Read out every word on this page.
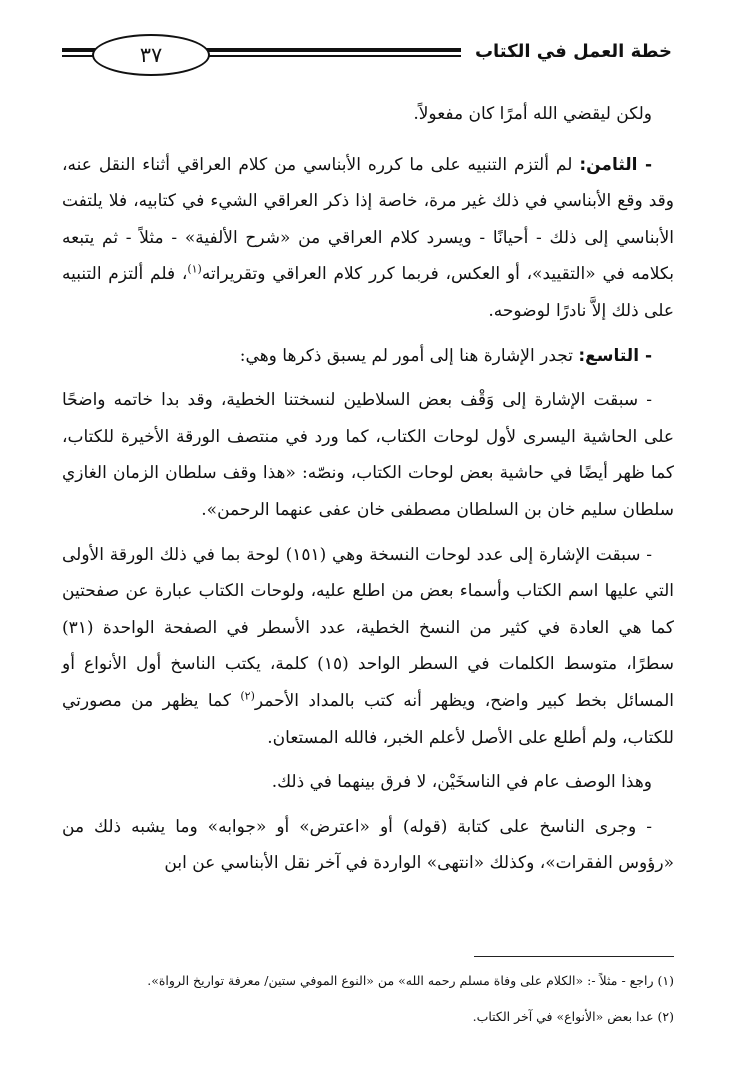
٣٧	خطة العمل في الكتاب

ولكن ليقضي الله أمرًا كان مفعولاً.

- الثامن: لم ألتزم التنبيه على ما كرره الأبناسي من كلام العراقي أثناء النقل عنه، وقد وقع الأبناسي في ذلك غير مرة، خاصة إذا ذكر العراقي الشيء في كتابيه، فلا يلتفت الأبناسي إلى ذلك - أحيانًا - ويسرد كلام العراقي من «شرح الألفية» - مثلاً - ثم يتبعه بكلامه في «التقييد»، أو العكس، فربما كرر كلام العراقي وتقريراته$^{(١)}$، فلم ألتزم التنبيه على ذلك إلاَّ نادرًا لوضوحه.

- التاسع: تجدر الإشارة هنا إلى أمور لم يسبق ذكرها وهي:

- سبقت الإشارة إلى وَقْف بعض السلاطين لنسختنا الخطية، وقد بدا خاتمه واضحًا على الحاشية اليسرى لأول لوحات الكتاب، كما ورد في منتصف الورقة الأخيرة للكتاب، كما ظهر أيضًا في حاشية بعض لوحات الكتاب، ونصّه: «هذا وقف سلطان الزمان الغازي سلطان سليم خان بن السلطان مصطفى خان عفى عنهما الرحمن».

- سبقت الإشارة إلى عدد لوحات النسخة وهي (١٥١) لوحة بما في ذلك الورقة الأولى التي عليها اسم الكتاب وأسماء بعض من اطلع عليه، ولوحات الكتاب عبارة عن صفحتين كما هي العادة في كثير من النسخ الخطية، عدد الأسطر في الصفحة الواحدة (٣١) سطرًا، متوسط الكلمات في السطر الواحد (١٥) كلمة، يكتب الناسخ أول الأنواع أو المسائل بخط كبير واضح، ويظهر أنه كتب بالمداد الأحمر$^{(٢)}$ كما يظهر من مصورتي للكتاب، ولم أطلع على الأصل لأعلم الخبر، فالله المستعان.

وهذا الوصف عام في الناسخَيْن، لا فرق بينهما في ذلك.

- وجرى الناسخ على كتابة (قوله) أو «اعترض» أو «جوابه» وما يشبه ذلك من «رؤوس الفقرات»، وكذلك «انتهى» الواردة في آخر نقل الأبناسي عن ابن

(١) راجع - مثلاً -: «الكلام على وفاة مسلم رحمه الله» من «النوع الموفي ستين/ معرفة تواريخ الرواة».
(٢) عدا بعض «الأنواع» في آخر الكتاب.
